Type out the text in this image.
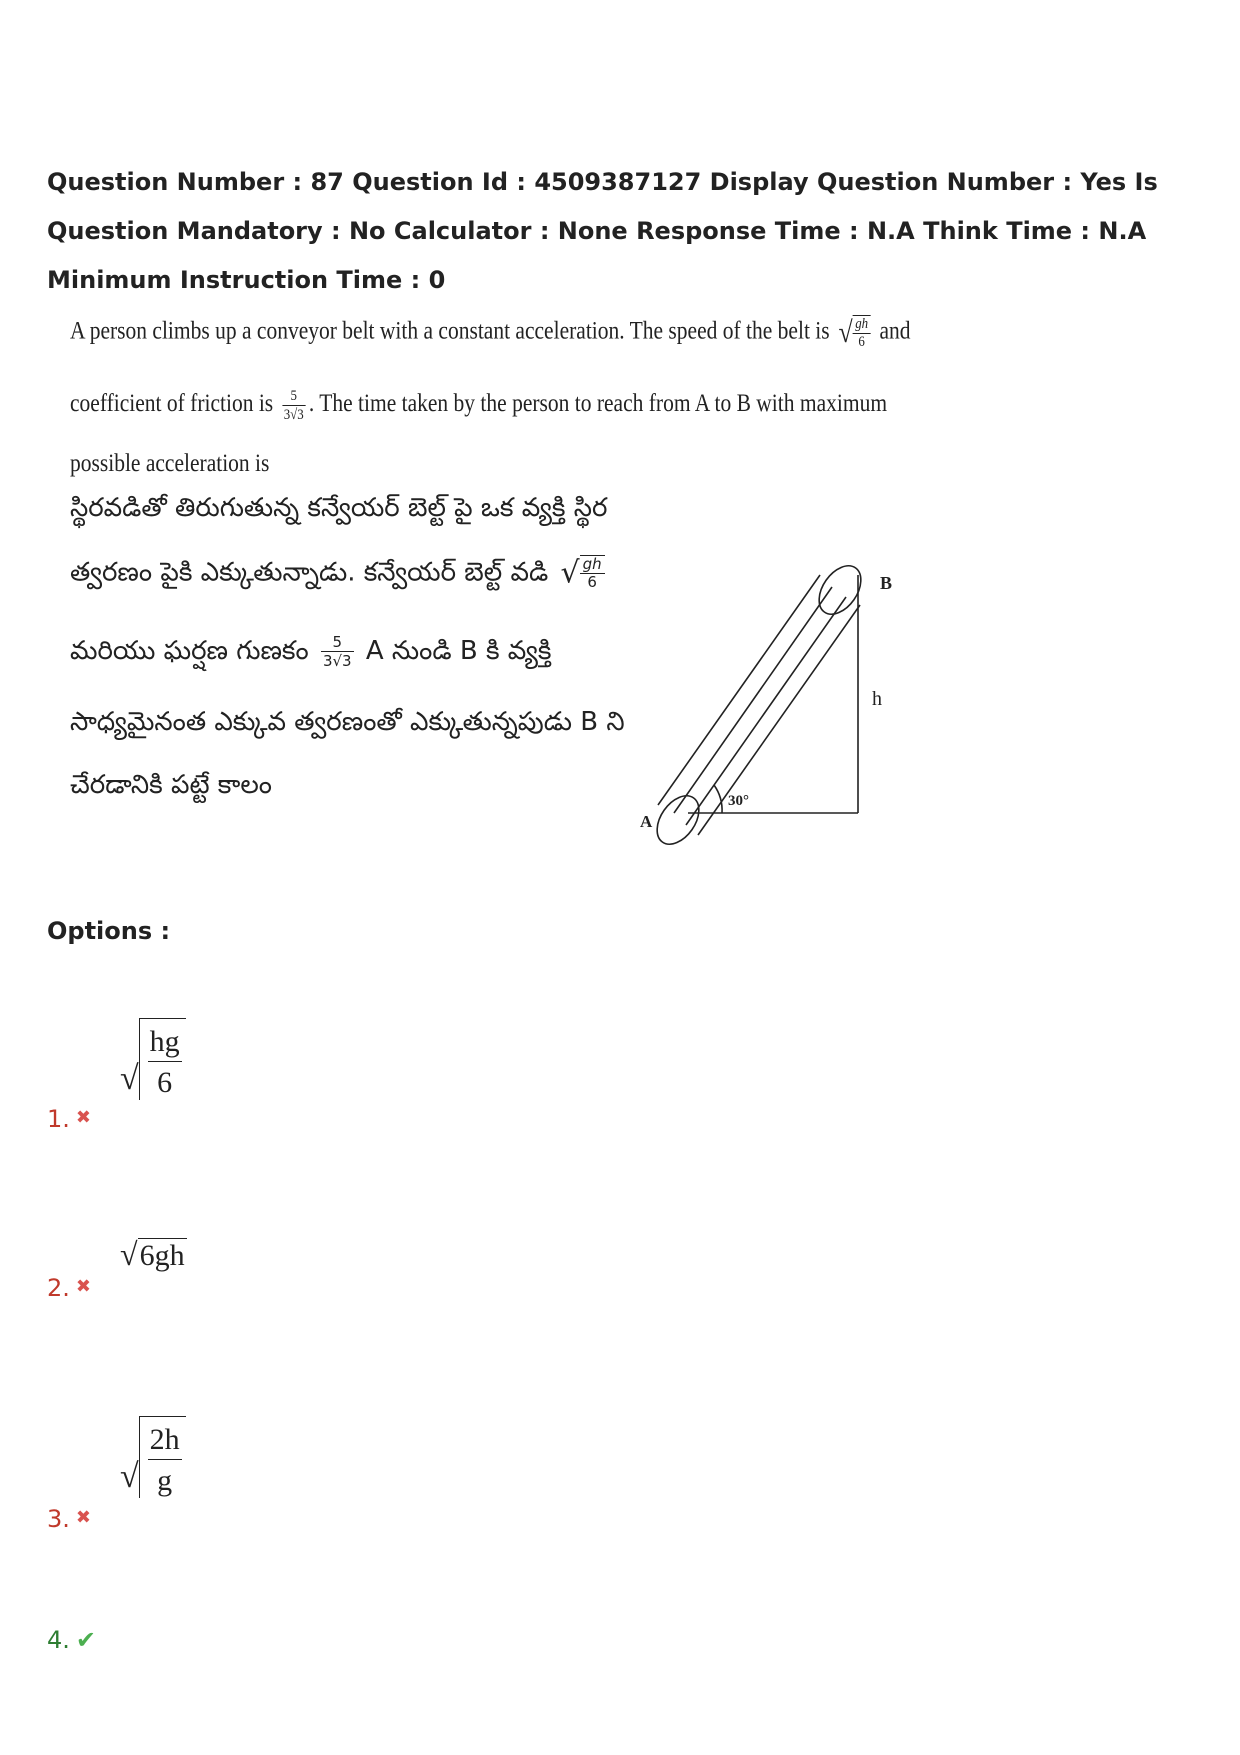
Question Number : 87 Question Id : 4509387127 Display Question Number : Yes Is Question Mandatory : No Calculator : None Response Time : N.A Think Time : N.A Minimum Instruction Time : 0
A person climbs up a conveyor belt with a constant acceleration. The speed of the belt is √ $\frac{gh}{6}$ and
coefficient of friction is $\frac{5}{3√3}$ . The time taken by the person to reach from A to B with maximum
possible acceleration is
స్థిరవడితో తిరుగుతున్న కన్వేయర్ బెల్ట్ పై ఒక వ్యక్తి స్థిర
త్వరణం పైకి ఎక్కుతున్నాడు. కన్వేయర్ బెల్ట్ వడి √ $\frac{gh}{6}$
మరియు ఘర్షణ గుణకం $\frac{5}{3√3}$ A నుండి B కి వ్యక్తి
సాధ్యమైనంత ఎక్కువ త్వరణంతో ఎక్కుతున్నపుడు B ని
చేరడానికి పట్టే కాలం
B
h
A
30°
Options :
√ $\frac{hg}{6}$
1. ✖
√6gh
2. ✖
√ $\frac{2h}{g}$
3. ✖
4. ✔
